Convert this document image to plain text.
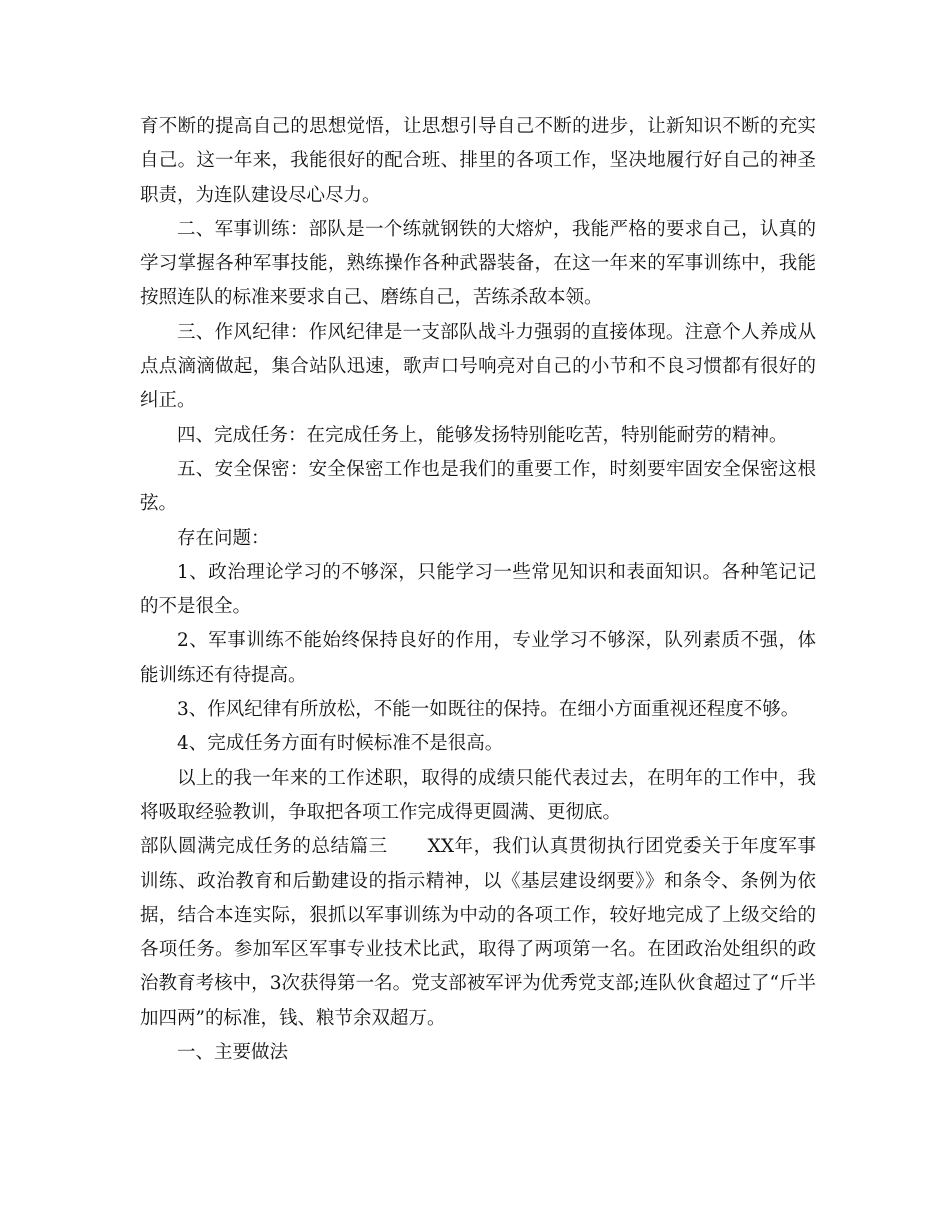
育不断的提高自己的思想觉悟，让思想引导自己不断的进步，让新知识不断的充实自己。这一年来，我能很好的配合班、排里的各项工作，坚决地履行好自己的神圣职责，为连队建设尽心尽力。

二、军事训练：部队是一个练就钢铁的大熔炉，我能严格的要求自己，认真的学习掌握各种军事技能，熟练操作各种武器装备，在这一年来的军事训练中，我能按照连队的标准来要求自己、磨练自己，苦练杀敌本领。

三、作风纪律：作风纪律是一支部队战斗力强弱的直接体现。注意个人养成从点点滴滴做起，集合站队迅速，歌声口号响亮对自己的小节和不良习惯都有很好的纠正。

四、完成任务：在完成任务上，能够发扬特别能吃苦，特别能耐劳的精神。

五、安全保密：安全保密工作也是我们的重要工作，时刻要牢固安全保密这根弦。

存在问题：

1、政治理论学习的不够深，只能学习一些常见知识和表面知识。各种笔记记的不是很全。

2、军事训练不能始终保持良好的作用，专业学习不够深，队列素质不强，体能训练还有待提高。

3、作风纪律有所放松，不能一如既往的保持。在细小方面重视还程度不够。

4、完成任务方面有时候标准不是很高。

以上的我一年来的工作述职，取得的成绩只能代表过去，在明年的工作中，我将吸取经验教训，争取把各项工作完成得更圆满、更彻底。

部队圆满完成任务的总结篇三 XX年，我们认真贯彻执行团党委关于年度军事训练、政治教育和后勤建设的指示精神，以《基层建设纲要》》和条令、条例为依据，结合本连实际，狠抓以军事训练为中动的各项工作，较好地完成了上级交给的各项任务。参加军区军事专业技术比武，取得了两项第一名。在团政治处组织的政治教育考核中，3次获得第一名。党支部被军评为优秀党支部;连队伙食超过了“斤半加四两”的标准，钱、粮节余双超万。

一、主要做法
